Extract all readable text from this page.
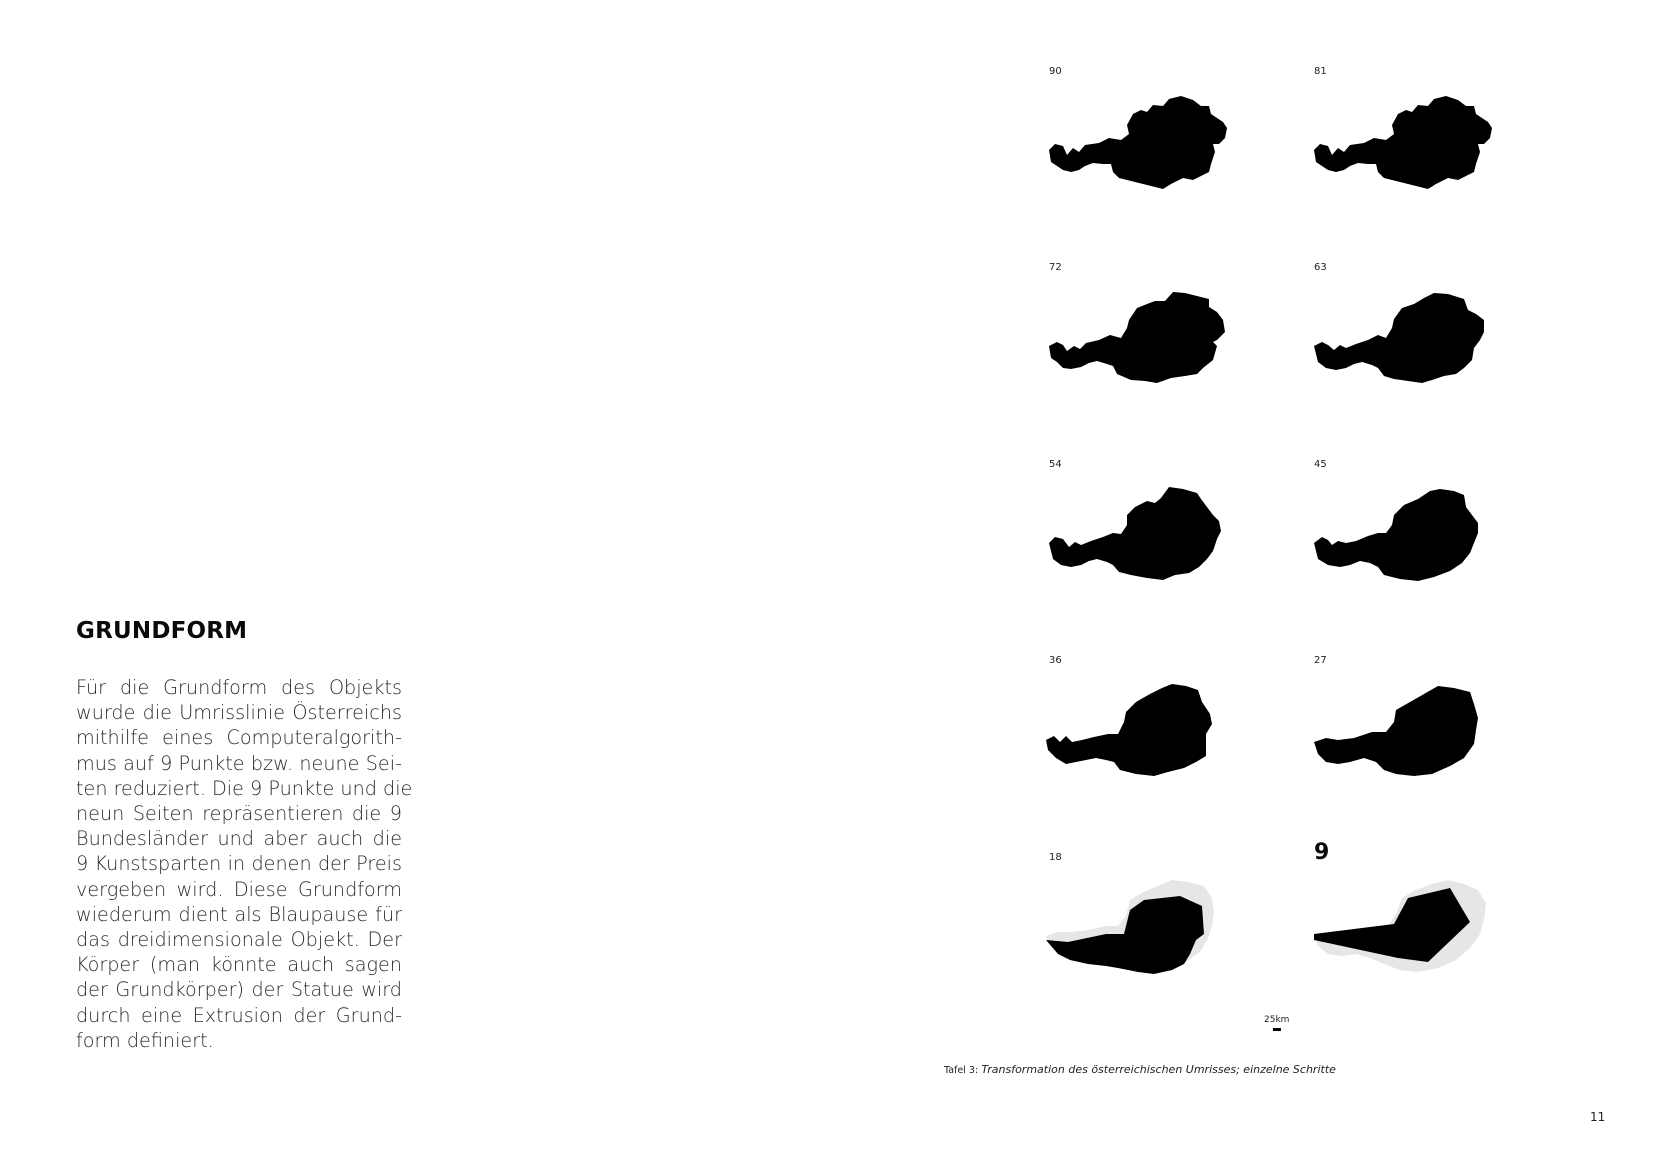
GRUNDFORM

Für die Grundform des Objekts
wurde die Umrisslinie Österreichs
mithilfe eines Computeralgorith-
mus auf 9 Punkte bzw. neune Sei-
ten reduziert. Die 9 Punkte und die
neun Seiten repräsentieren die 9
Bundesländer und aber auch die
9 Kunstsparten in denen der Preis
vergeben wird. Diese Grundform
wiederum dient als Blaupause für
das dreidimensionale Objekt. Der
Körper (man könnte auch sagen
der Grundkörper) der Statue wird
durch eine Extrusion der Grund-
form definiert.

90	81
72	63
54	45
36	27
18	9
25km

Tafel 3: Transformation des österreichischen Umrisses; einzelne Schritte

11
